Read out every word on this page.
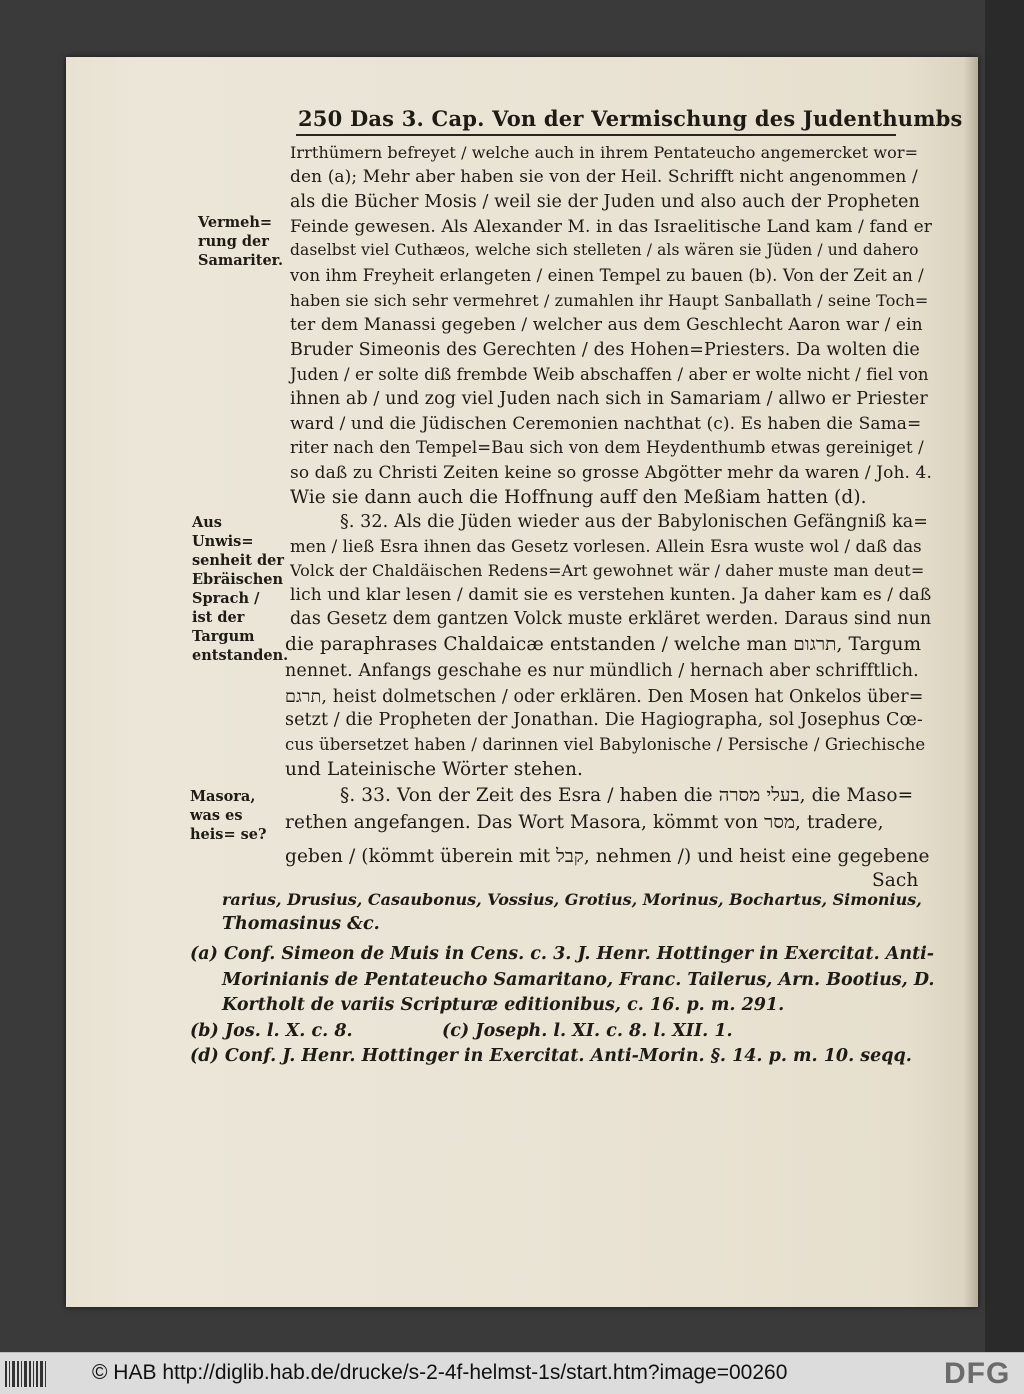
250 Das 3. Cap. Von der Vermischung des Judenthumbs
Irrthümern befreyet / welche auch in ihrem Pentateucho angemercket wor=
den (a); Mehr aber haben sie von der Heil. Schrifft nicht angenommen /
als die Bücher Mosis / weil sie der Juden und also auch der Propheten
Feinde gewesen. Als Alexander M. in das Israelitische Land kam / fand er
daselbst viel Cuthæos, welche sich stelleten / als wären sie Jüden / und dahero
von ihm Freyheit erlangeten / einen Tempel zu bauen (b). Von der Zeit an /
haben sie sich sehr vermehret / zumahlen ihr Haupt Sanballath / seine Toch=
ter dem Manassi gegeben / welcher aus dem Geschlecht Aaron war / ein
Bruder Simeonis des Gerechten / des Hohen=Priesters. Da wolten die
Juden / er solte diß frembde Weib abschaffen / aber er wolte nicht / fiel von
ihnen ab / und zog viel Juden nach sich in Samariam / allwo er Priester
ward / und die Jüdischen Ceremonien nachthat (c). Es haben die Sama=
riter nach den Tempel=Bau sich von dem Heydenthumb etwas gereiniget /
so daß zu Christi Zeiten keine so grosse Abgötter mehr da waren / Joh. 4.
Wie sie dann auch die Hoffnung auff den Meßiam hatten (d).
§. 32. Als die Jüden wieder aus der Babylonischen Gefängniß ka=
men / ließ Esra ihnen das Gesetz vorlesen. Allein Esra wuste wol / daß das
Volck der Chaldäischen Redens=Art gewohnet wär / daher muste man deut=
lich und klar lesen / damit sie es verstehen kunten. Ja daher kam es / daß
das Gesetz dem gantzen Volck muste erkläret werden. Daraus sind nun
die paraphrases Chaldaicæ entstanden / welche man תרגום, Targum
nennet. Anfangs geschahe es nur mündlich / hernach aber schrifftlich.
תרגם, heist dolmetschen / oder erklären. Den Mosen hat Onkelos über=
setzt / die Propheten der Jonathan. Die Hagiographa, sol Josephus Cœ-
cus übersetzet haben / darinnen viel Babylonische / Persische / Griechische
und Lateinische Wörter stehen.
§. 33. Von der Zeit des Esra / haben die בעלי מסרה, die Maso=
rethen angefangen. Das Wort Masora, kömmt von מסר, tradere,
geben / (kömmt überein mit קבל, nehmen /) und heist eine gegebene
Sach
Vermeh= rung der Samariter.
Aus Unwis= senheit der Ebräischen Sprach / ist der Targum entstanden.
Masora, was es heis= se?
rarius, Drusius, Casaubonus, Vossius, Grotius, Morinus, Bochartus, Simonius,
Thomasinus &c.
(a) Conf. Simeon de Muis in Cens. c. 3. J. Henr. Hottinger in Exercitat. Anti-
Morinianis de Pentateucho Samaritano, Franc. Tailerus, Arn. Bootius, D.
Kortholt de variis Scripturæ editionibus, c. 16. p. m. 291.
(b) Jos. l. X. c. 8.	(c) Joseph. l. XI. c. 8. l. XII. 1.
(d) Conf. J. Henr. Hottinger in Exercitat. Anti-Morin. §. 14. p. m. 10. seqq.
© HAB http://diglib.hab.de/drucke/s-2-4f-helmst-1s/start.htm?image=00260	DFG
